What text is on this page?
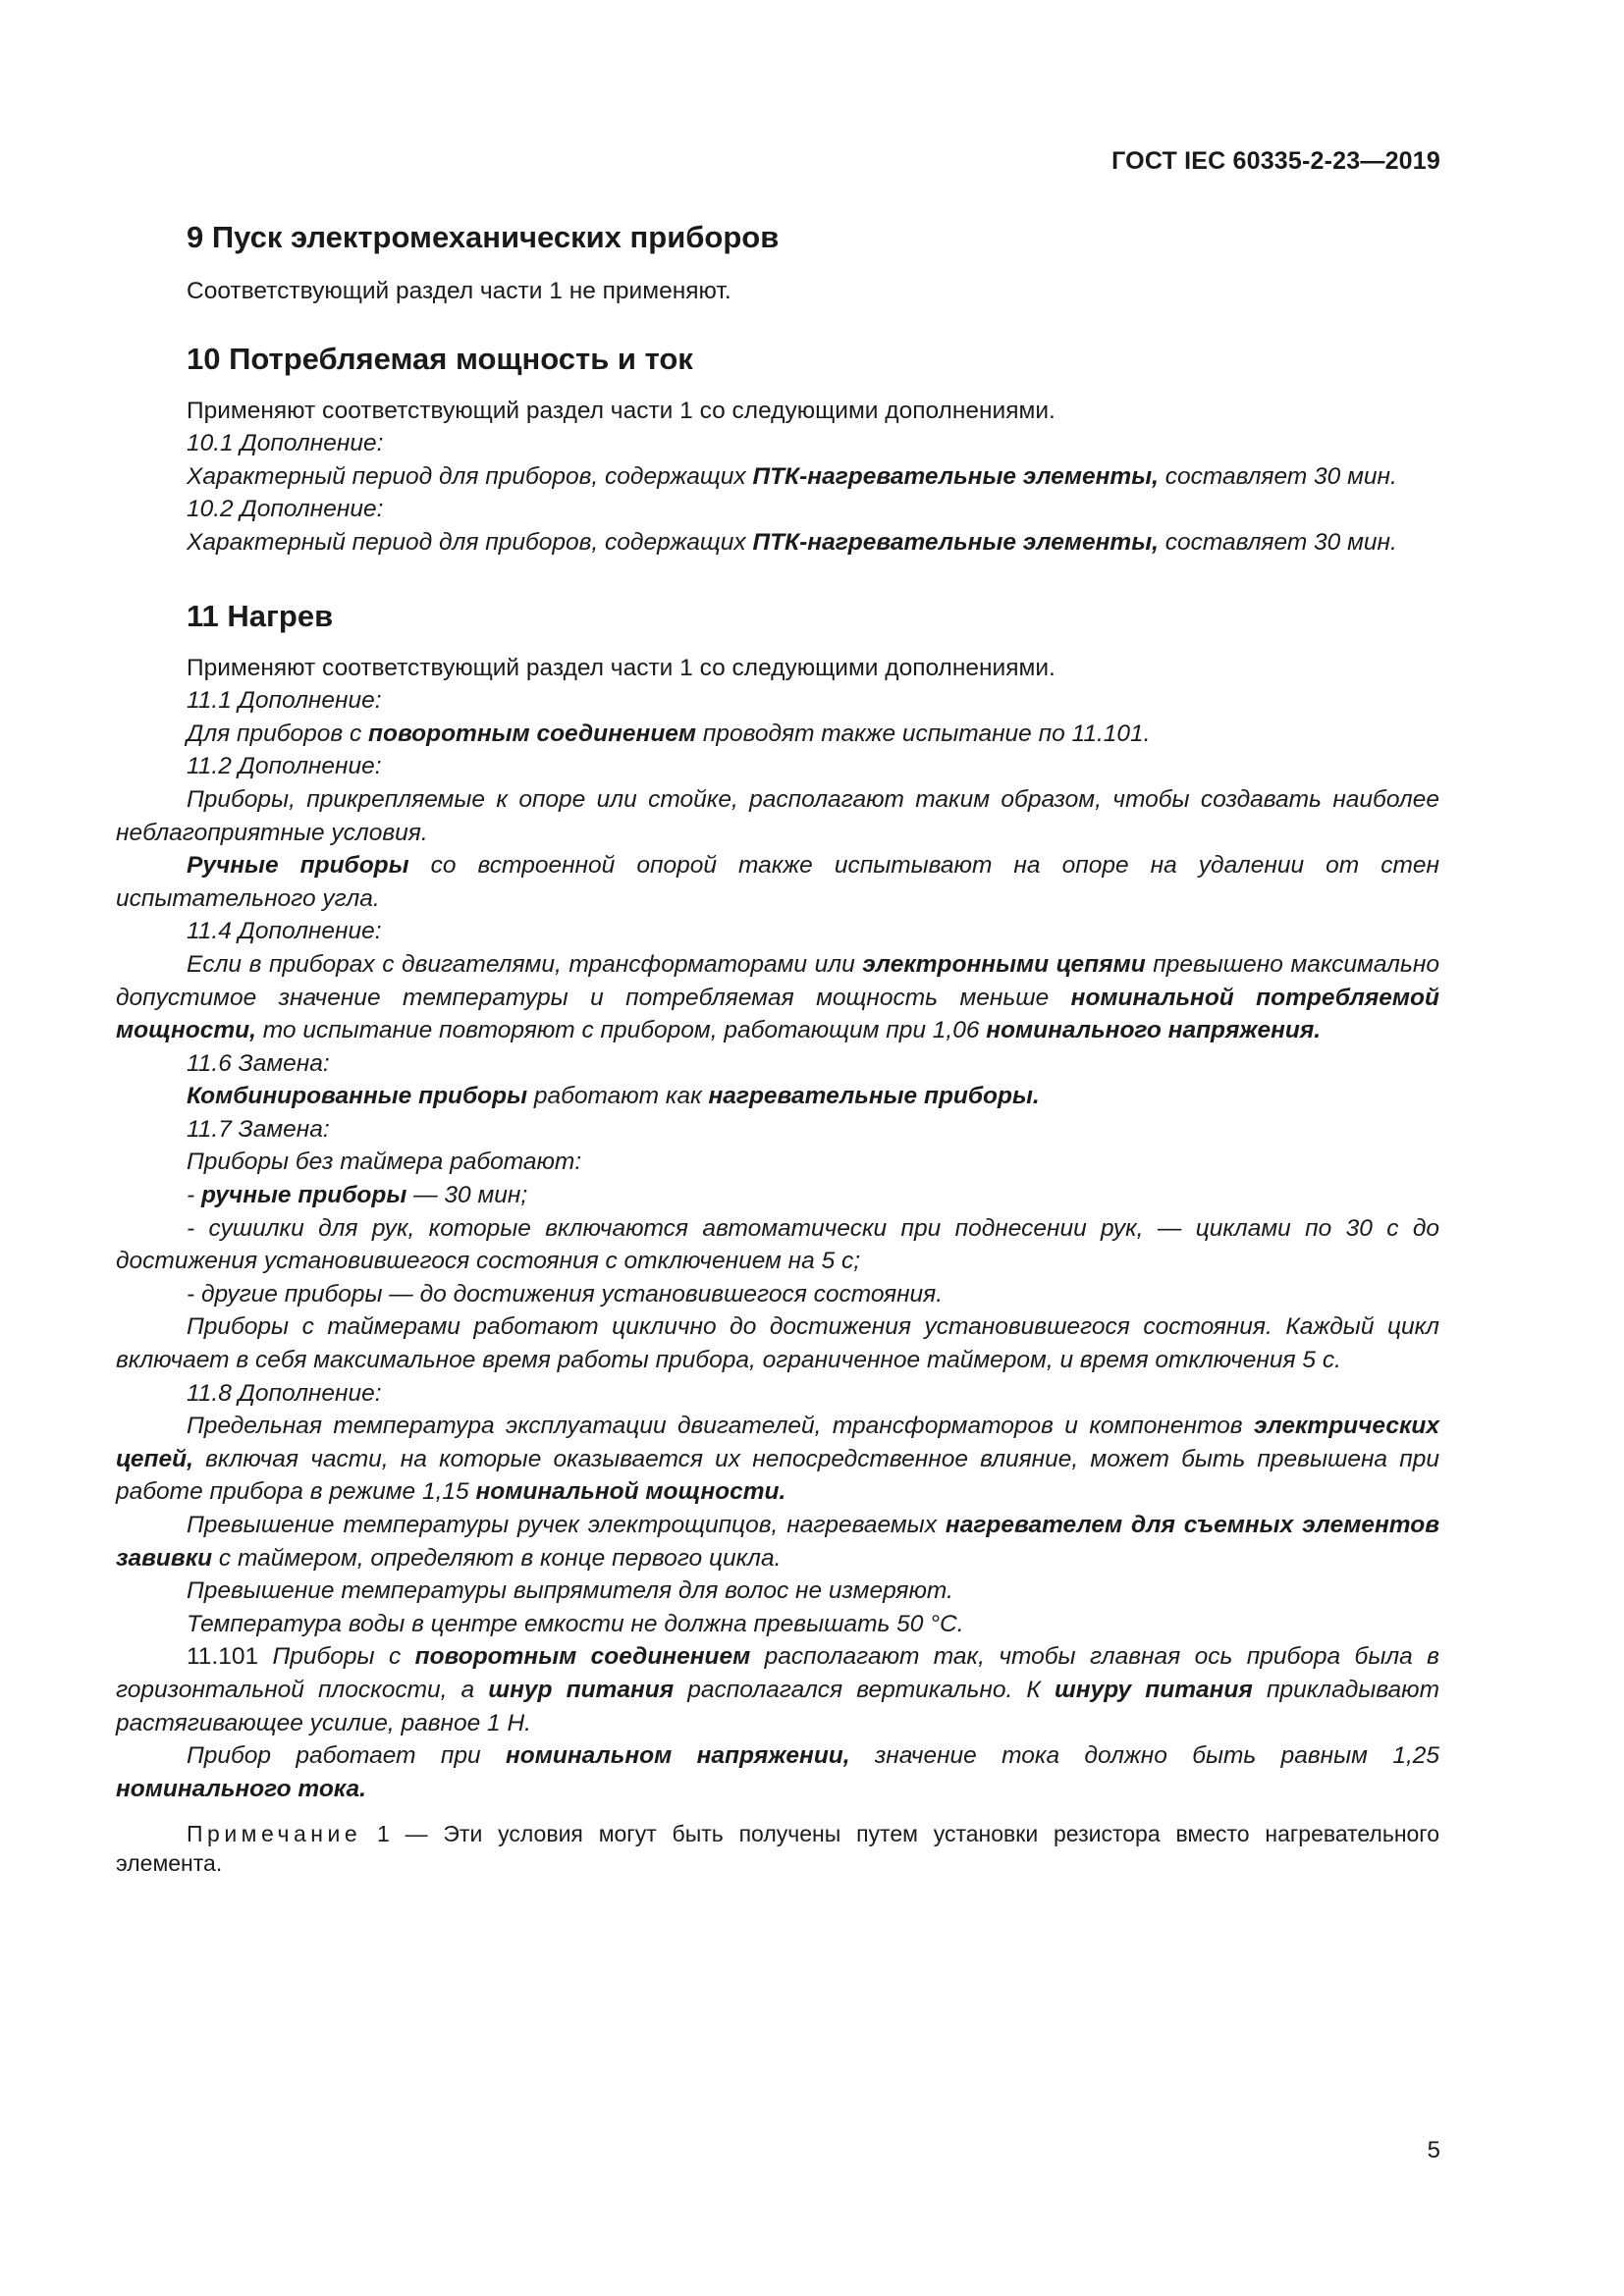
ГОСТ IEC 60335-2-23—2019
9 Пуск электромеханических приборов

Соответствующий раздел части 1 не применяют.

10 Потребляемая мощность и ток

Применяют соответствующий раздел части 1 со следующими дополнениями.

10.1 Дополнение:

Характерный период для приборов, содержащих ПТК-нагревательные элементы, составляет 30 мин.

10.2 Дополнение:

Характерный период для приборов, содержащих ПТК-нагревательные элементы, составляет 30 мин.

11 Нагрев

Применяют соответствующий раздел части 1 со следующими дополнениями.

11.1 Дополнение:

Для приборов с поворотным соединением проводят также испытание по 11.101.

11.2 Дополнение:

Приборы, прикрепляемые к опоре или стойке, располагают таким образом, чтобы создавать наиболее неблагоприятные условия.

Ручные приборы со встроенной опорой также испытывают на опоре на удалении от стен испытательного угла.

11.4 Дополнение:

Если в приборах с двигателями, трансформаторами или электронными цепями превышено максимально допустимое значение температуры и потребляемая мощность меньше номинальной потребляемой мощности, то испытание повторяют с прибором, работающим при 1,06 номинального напряжения.

11.6 Замена:

Комбинированные приборы работают как нагревательные приборы.

11.7 Замена:

Приборы без таймера работают:

- ручные приборы — 30 мин;

- сушилки для рук, которые включаются автоматически при поднесении рук, — циклами по 30 с до достижения установившегося состояния с отключением на 5 с;

- другие приборы — до достижения установившегося состояния.

Приборы с таймерами работают циклично до достижения установившегося состояния. Каждый цикл включает в себя максимальное время работы прибора, ограниченное таймером, и время отключения 5 с.

11.8 Дополнение:

Предельная температура эксплуатации двигателей, трансформаторов и компонентов электрических цепей, включая части, на которые оказывается их непосредственное влияние, может быть превышена при работе прибора в режиме 1,15 номинальной мощности.

Превышение температуры ручек электрощипцов, нагреваемых нагревателем для съемных элементов завивки с таймером, определяют в конце первого цикла.

Превышение температуры выпрямителя для волос не измеряют.

Температура воды в центре емкости не должна превышать 50 °С.

11.101 Приборы с поворотным соединением располагают так, чтобы главная ось прибора была в горизонтальной плоскости, а шнур питания располагался вертикально. К шнуру питания прикладывают растягивающее усилие, равное 1 Н.

Прибор работает при номинальном напряжении, значение тока должно быть равным 1,25 номинального тока.

Примечание 1 — Эти условия могут быть получены путем установки резистора вместо нагревательного элемента.

5
